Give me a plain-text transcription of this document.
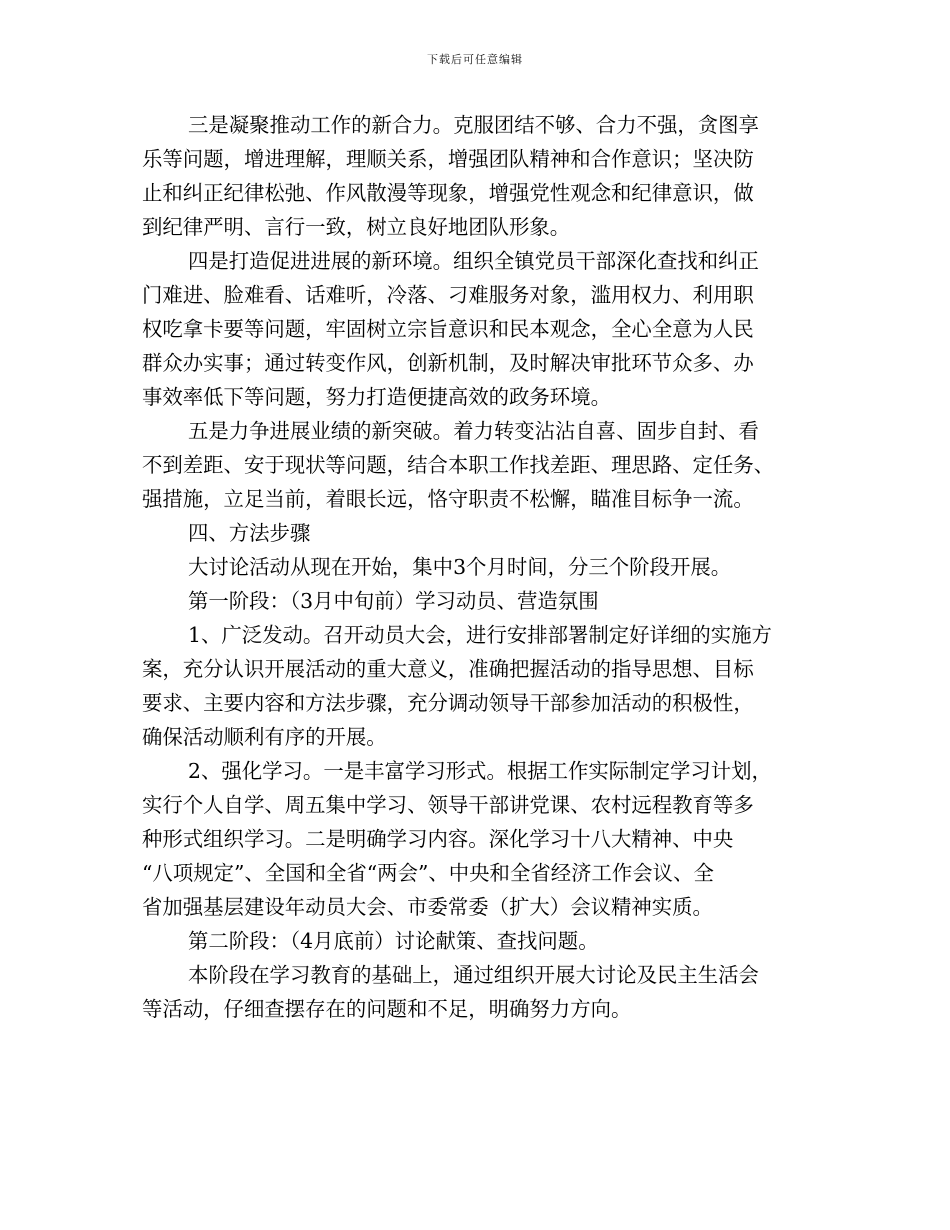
下载后可任意编辑
三是凝聚推动工作的新合力。克服团结不够、合力不强，贪图享
乐等问题，增进理解，理顺关系，增强团队精神和合作意识；坚决防
止和纠正纪律松弛、作风散漫等现象，增强党性观念和纪律意识，做
到纪律严明、言行一致，树立良好地团队形象。
四是打造促进进展的新环境。组织全镇党员干部深化查找和纠正
门难进、脸难看、话难听，冷落、刁难服务对象，滥用权力、利用职
权吃拿卡要等问题，牢固树立宗旨意识和民本观念，全心全意为人民
群众办实事；通过转变作风，创新机制，及时解决审批环节众多、办
事效率低下等问题，努力打造便捷高效的政务环境。
五是力争进展业绩的新突破。着力转变沾沾自喜、固步自封、看
不到差距、安于现状等问题，结合本职工作找差距、理思路、定任务、
强措施，立足当前，着眼长远，恪守职责不松懈，瞄准目标争一流。
四、方法步骤
大讨论活动从现在开始，集中3个月时间，分三个阶段开展。
第一阶段：（3月中旬前）学习动员、营造氛围
1、广泛发动。召开动员大会，进行安排部署制定好详细的实施方
案，充分认识开展活动的重大意义，准确把握活动的指导思想、目标
要求、主要内容和方法步骤，充分调动领导干部参加活动的积极性，
确保活动顺利有序的开展。
2、强化学习。一是丰富学习形式。根据工作实际制定学习计划，
实行个人自学、周五集中学习、领导干部讲党课、农村远程教育等多
种形式组织学习。二是明确学习内容。深化学习十八大精神、中央
“八项规定”、全国和全省“两会”、中央和全省经济工作会议、全
省加强基层建设年动员大会、市委常委（扩大）会议精神实质。
第二阶段：（4月底前）讨论献策、查找问题。
本阶段在学习教育的基础上，通过组织开展大讨论及民主生活会
等活动，仔细查摆存在的问题和不足，明确努力方向。
